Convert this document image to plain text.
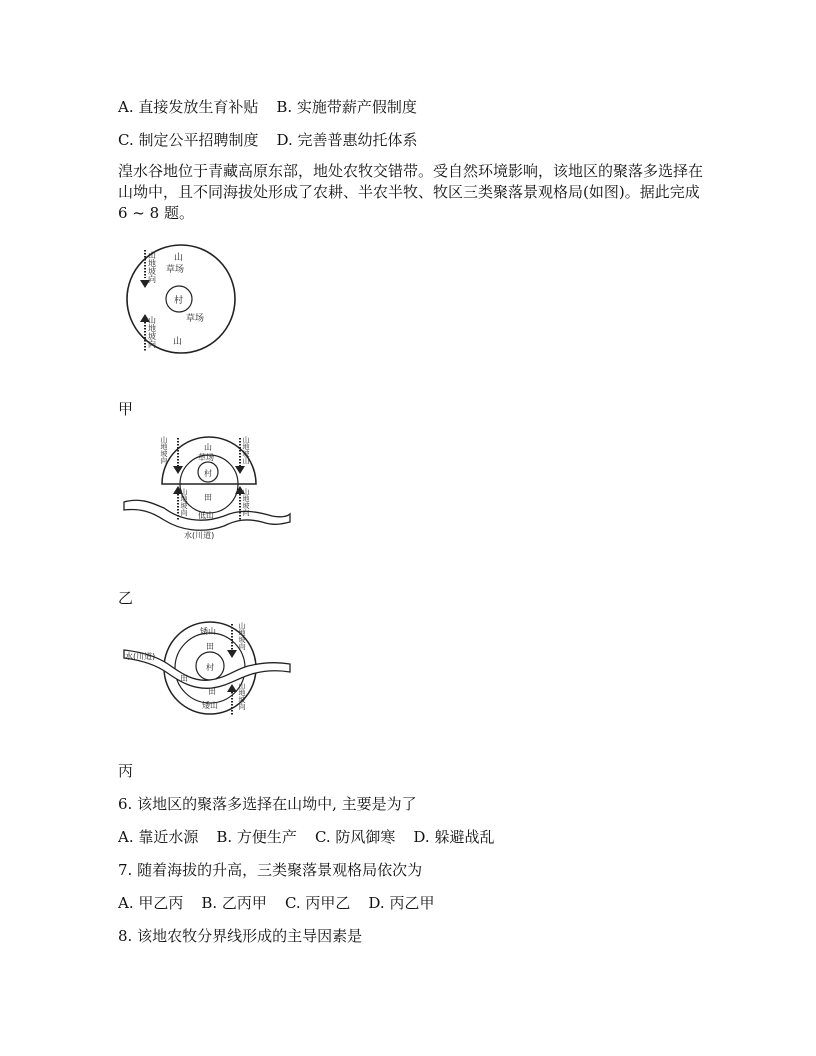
A. 直接发放生育补贴 B. 实施带薪产假制度
C. 制定公平招聘制度 D. 完善普惠幼托体系
湟水谷地位于青藏高原东部，地处农牧交错带。受自然环境影响，该地区的聚落多选择在山坳中，且不同海拔处形成了农耕、半农半牧、牧区三类聚落景观格局(如图)。据此完成 6 ~ 8 题。
山地坡向
山地坡向
山
草场
村
草场
山
甲
山地坡向	山地坡山
山地坡向	山地坡向
山
草场
村
田
低山
水(川道)
乙
水(川道)
矮山
田
村
田
田
矮山
山地坡向
山地坡向
丙
6. 该地区的聚落多选择在山坳中, 主要是为了
A. 靠近水源 B. 方便生产 C. 防风御寒 D. 躲避战乱
7. 随着海拔的升高，三类聚落景观格局依次为
A. 甲乙丙 B. 乙丙甲 C. 丙甲乙 D. 丙乙甲
8. 该地农牧分界线形成的主导因素是
